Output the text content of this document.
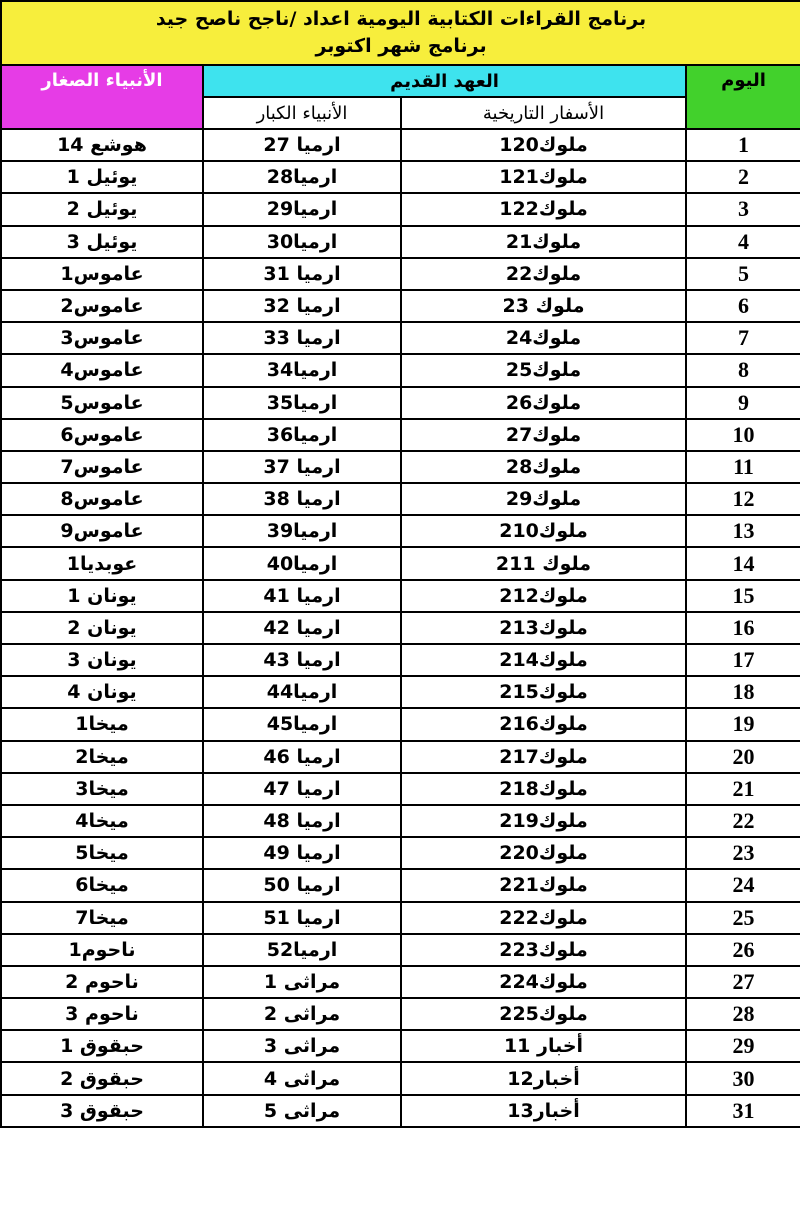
برنامج القراءات الكتابية اليومية اعداد /ناجح ناصح جيد
برنامج شهر اكتوبر			

الأنبياء الصغار	العهد القديم		اليوم
	الأنبياء الكبار	الأسفار التاريخية	
هوشع 14	ارميا 27	1ملوك20	1
يوئيل 1	ارميا28	1ملوك21	2
يوئيل 2	ارميا29	1ملوك22	3
يوئيل 3	ارميا30	2ملوك1	4
عاموس1	ارميا 31	2ملوك2	5
عاموس2	ارميا 32	2ملوك 3	6
عاموس3	ارميا 33	2ملوك4	7
عاموس4	ارميا34	2ملوك5	8
عاموس5	ارميا35	2ملوك6	9
عاموس6	ارميا36	2ملوك7	10
عاموس7	ارميا 37	2ملوك8	11
عاموس8	ارميا 38	2ملوك9	12
عاموس9	ارميا39	2ملوك10	13
عوبديا1	ارميا40	2ملوك 11	14
يونان 1	ارميا 41	2ملوك12	15
يونان 2	ارميا 42	2ملوك13	16
يونان 3	ارميا 43	2ملوك14	17
يونان 4	ارميا44	2ملوك15	18
ميخا1	ارميا45	2ملوك16	19
ميخا2	ارميا 46	2ملوك17	20
ميخا3	ارميا 47	2ملوك18	21
ميخا4	ارميا 48	2ملوك19	22
ميخا5	ارميا 49	2ملوك20	23
ميخا6	ارميا 50	2ملوك21	24
ميخا7	ارميا 51	2ملوك22	25
ناحوم1	ارميا52	2ملوك23	26
ناحوم 2	مراثى 1	2ملوك24	27
ناحوم 3	مراثى 2	2ملوك25	28
حبقوق 1	مراثى 3	1أخبار 1	29
حبقوق 2	مراثى 4	1أخبار2	30
حبقوق 3	مراثى 5	1أخبار3	31
